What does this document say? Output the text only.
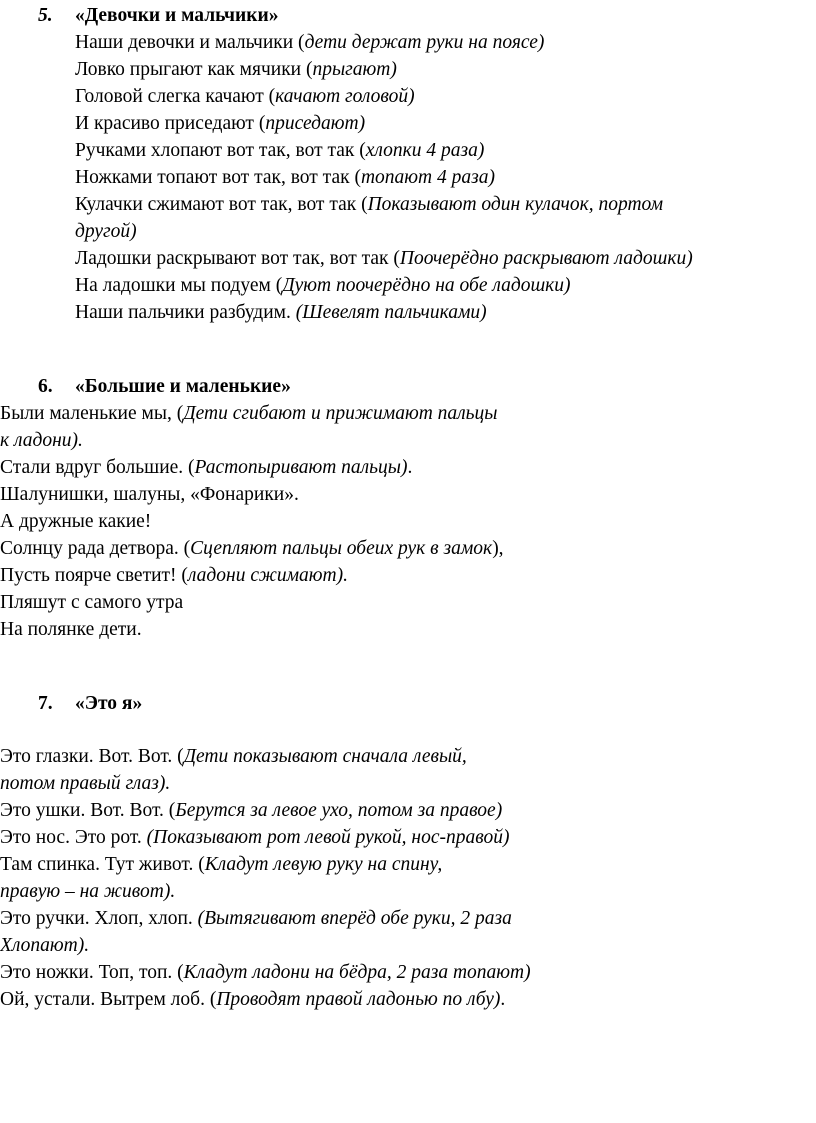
5. «Девочки и мальчики»
Наши девочки и мальчики (дети держат руки на поясе)
Ловко прыгают как мячики (прыгают)
Головой слегка качают (качают головой)
И красиво приседают (приседают)
Ручками хлопают вот так, вот так (хлопки 4 раза)
Ножками топают вот так, вот так (топают 4 раза)
Кулачки сжимают вот так, вот так (Показывают один кулачок, портом
другой)
Ладошки раскрывают вот так, вот так (Поочерёдно раскрывают ладошки)
На ладошки мы подуем (Дуют поочерёдно на обе ладошки)
Наши пальчики разбудим. (Шевелят пальчиками)
6. «Большие и маленькие»
Были маленькие мы, (Дети сгибают и прижимают пальцы
к ладони).
Стали вдруг большие. (Растопыривают пальцы).
Шалунишки, шалуны, «Фонарики».
А дружные какие!
Солнцу рада детвора. (Сцепляют пальцы обеих рук в замок),
Пусть поярче светит! (ладони сжимают).
Пляшут с самого утра
На полянке дети.
7. «Это я»
Это глазки. Вот. Вот. (Дети показывают сначала левый,
потом правый глаз).
Это ушки. Вот. Вот. (Берутся за левое ухо, потом за правое)
Это нос. Это рот. (Показывают рот левой рукой, нос-правой)
Там спинка. Тут живот. (Кладут левую руку на спину,
правую – на живот).
Это ручки. Хлоп, хлоп. (Вытягивают вперёд обе руки, 2 раза
Хлопают).
Это ножки. Топ, топ. (Кладут ладони на бёдра, 2 раза топают)
Ой, устали. Вытрем лоб. (Проводят правой ладонью по лбу).
